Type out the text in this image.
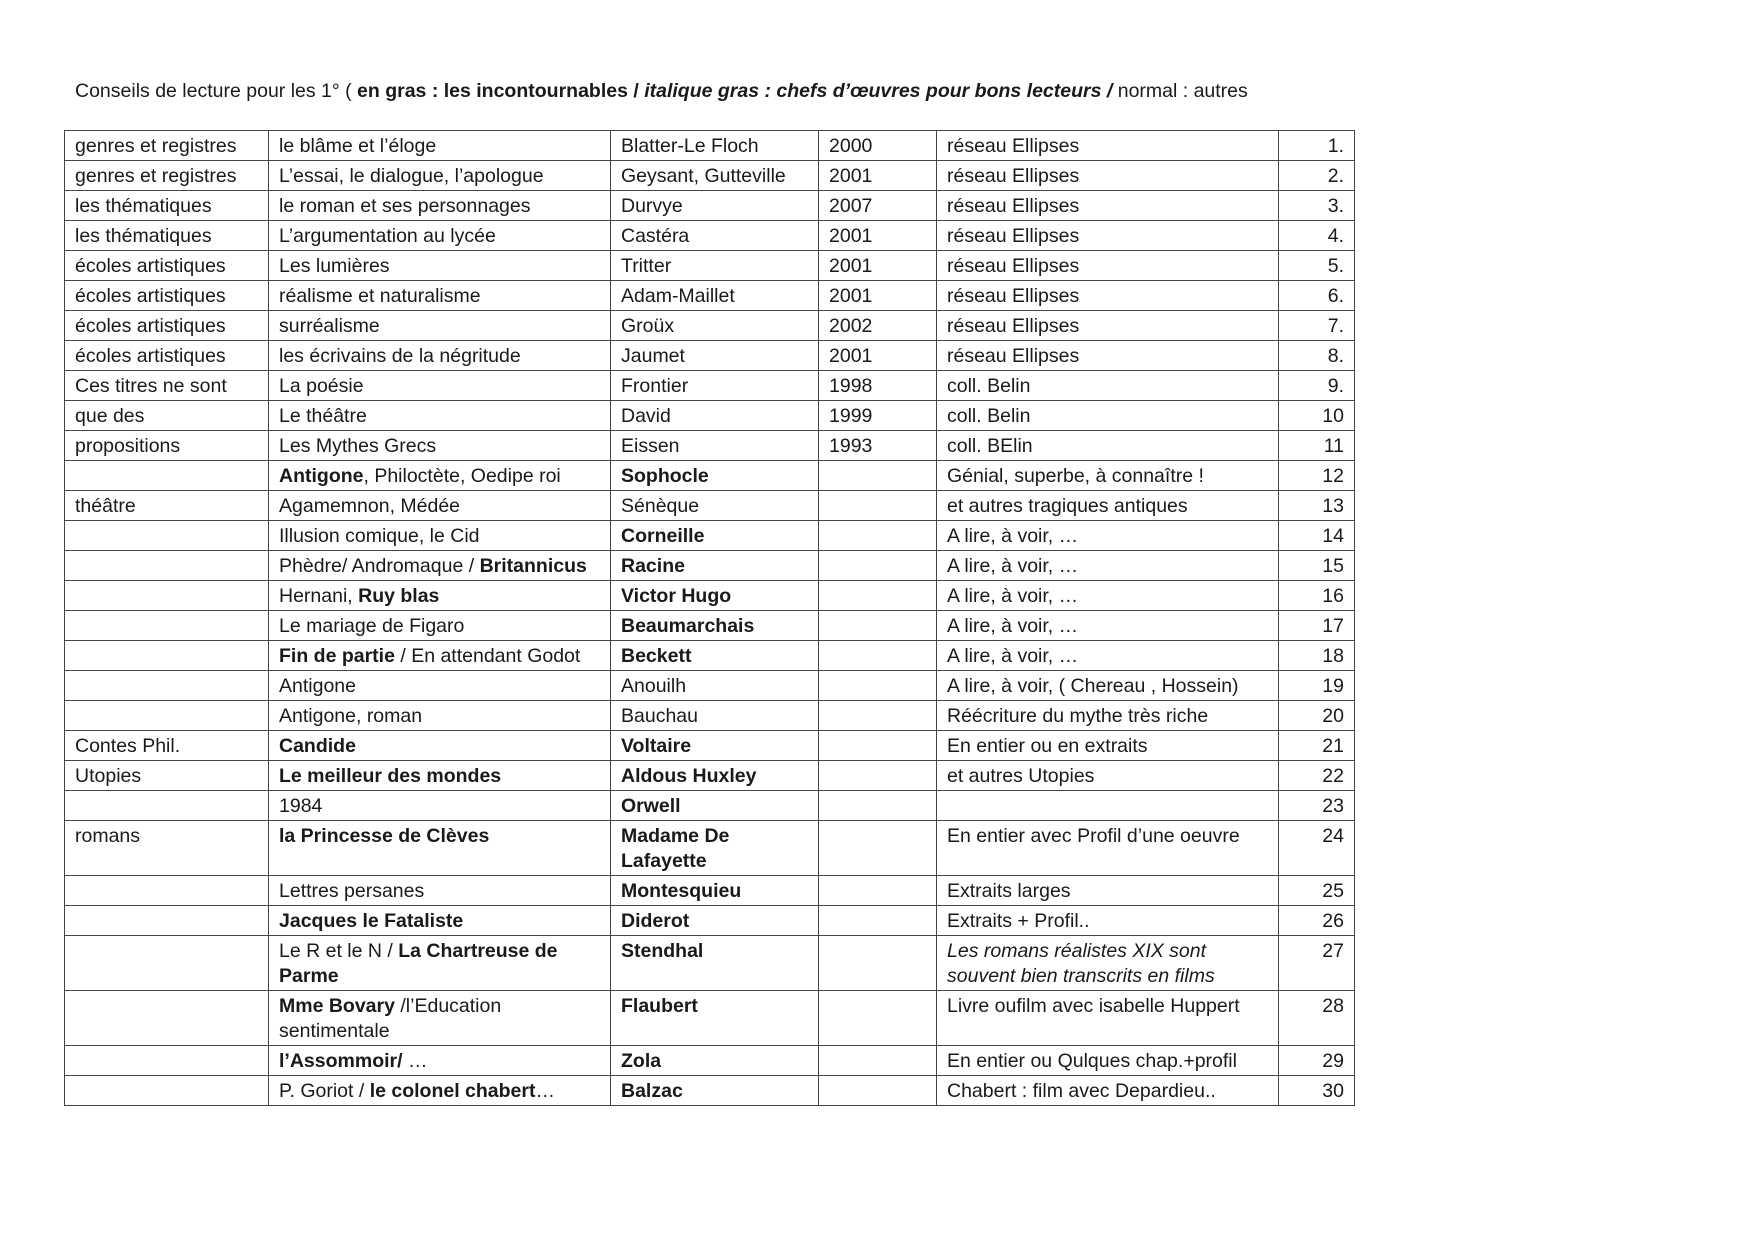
Conseils de lecture pour les 1° ( en gras : les incontournables / italique gras : chefs d’œuvres pour bons lecteurs / normal : autres
genres et registres	le blâme et l’éloge	Blatter-Le Floch	2000	réseau Ellipses	1.
genres et registres	L’essai, le dialogue, l’apologue	Geysant, Gutteville	2001	réseau Ellipses	2.
les thématiques	le roman et ses personnages	Durvye	2007	réseau Ellipses	3.
les thématiques	L’argumentation au lycée	Castéra	2001	réseau Ellipses	4.
écoles artistiques	Les lumières	Tritter	2001	réseau Ellipses	5.
écoles artistiques	réalisme et naturalisme	Adam-Maillet	2001	réseau Ellipses	6.
écoles artistiques	surréalisme	Groüx	2002	réseau Ellipses	7.
écoles artistiques	les écrivains de la négritude	Jaumet	2001	réseau Ellipses	8.
Ces titres ne sont	La poésie	Frontier	1998	coll. Belin	9.
que des	Le théâtre	David	1999	coll. Belin	10
propositions	Les Mythes Grecs	Eissen	1993	coll. BElin	11
	Antigone, Philoctète, Oedipe roi	Sophocle		Génial, superbe, à connaître !	12
théâtre	Agamemnon, Médée	Sénèque		et autres tragiques antiques	13
	Illusion comique, le Cid	Corneille		A lire, à voir, …	14
	Phèdre/ Andromaque / Britannicus	Racine		A lire, à voir, …	15
	Hernani, Ruy blas	Victor Hugo		A lire, à voir, …	16
	Le mariage de Figaro	Beaumarchais		A lire, à voir, …	17
	Fin de partie / En attendant Godot	Beckett		A lire, à voir, …	18
	Antigone	Anouilh		A lire, à voir, ( Chereau , Hossein)	19
	Antigone, roman	Bauchau		Réécriture du mythe très riche	20
Contes Phil.	Candide	Voltaire		En entier ou en extraits	21
Utopies	Le meilleur des mondes	Aldous Huxley		et autres Utopies	22
	1984	Orwell			23
romans	la Princesse de Clèves	Madame De Lafayette		En entier avec Profil d’une oeuvre	24
	Lettres persanes	Montesquieu		Extraits larges	25
	Jacques le Fataliste	Diderot		Extraits + Profil..	26
	Le R et le N / La Chartreuse de Parme	Stendhal		Les romans réalistes XIX sont souvent bien transcrits en films	27
	Mme Bovary /l’Education sentimentale	Flaubert		Livre oufilm avec isabelle Huppert	28
	l’Assommoir/ …	Zola		En entier ou Qulques chap.+profil	29
	P. Goriot / le colonel chabert…	Balzac		Chabert : film avec Depardieu..	30
